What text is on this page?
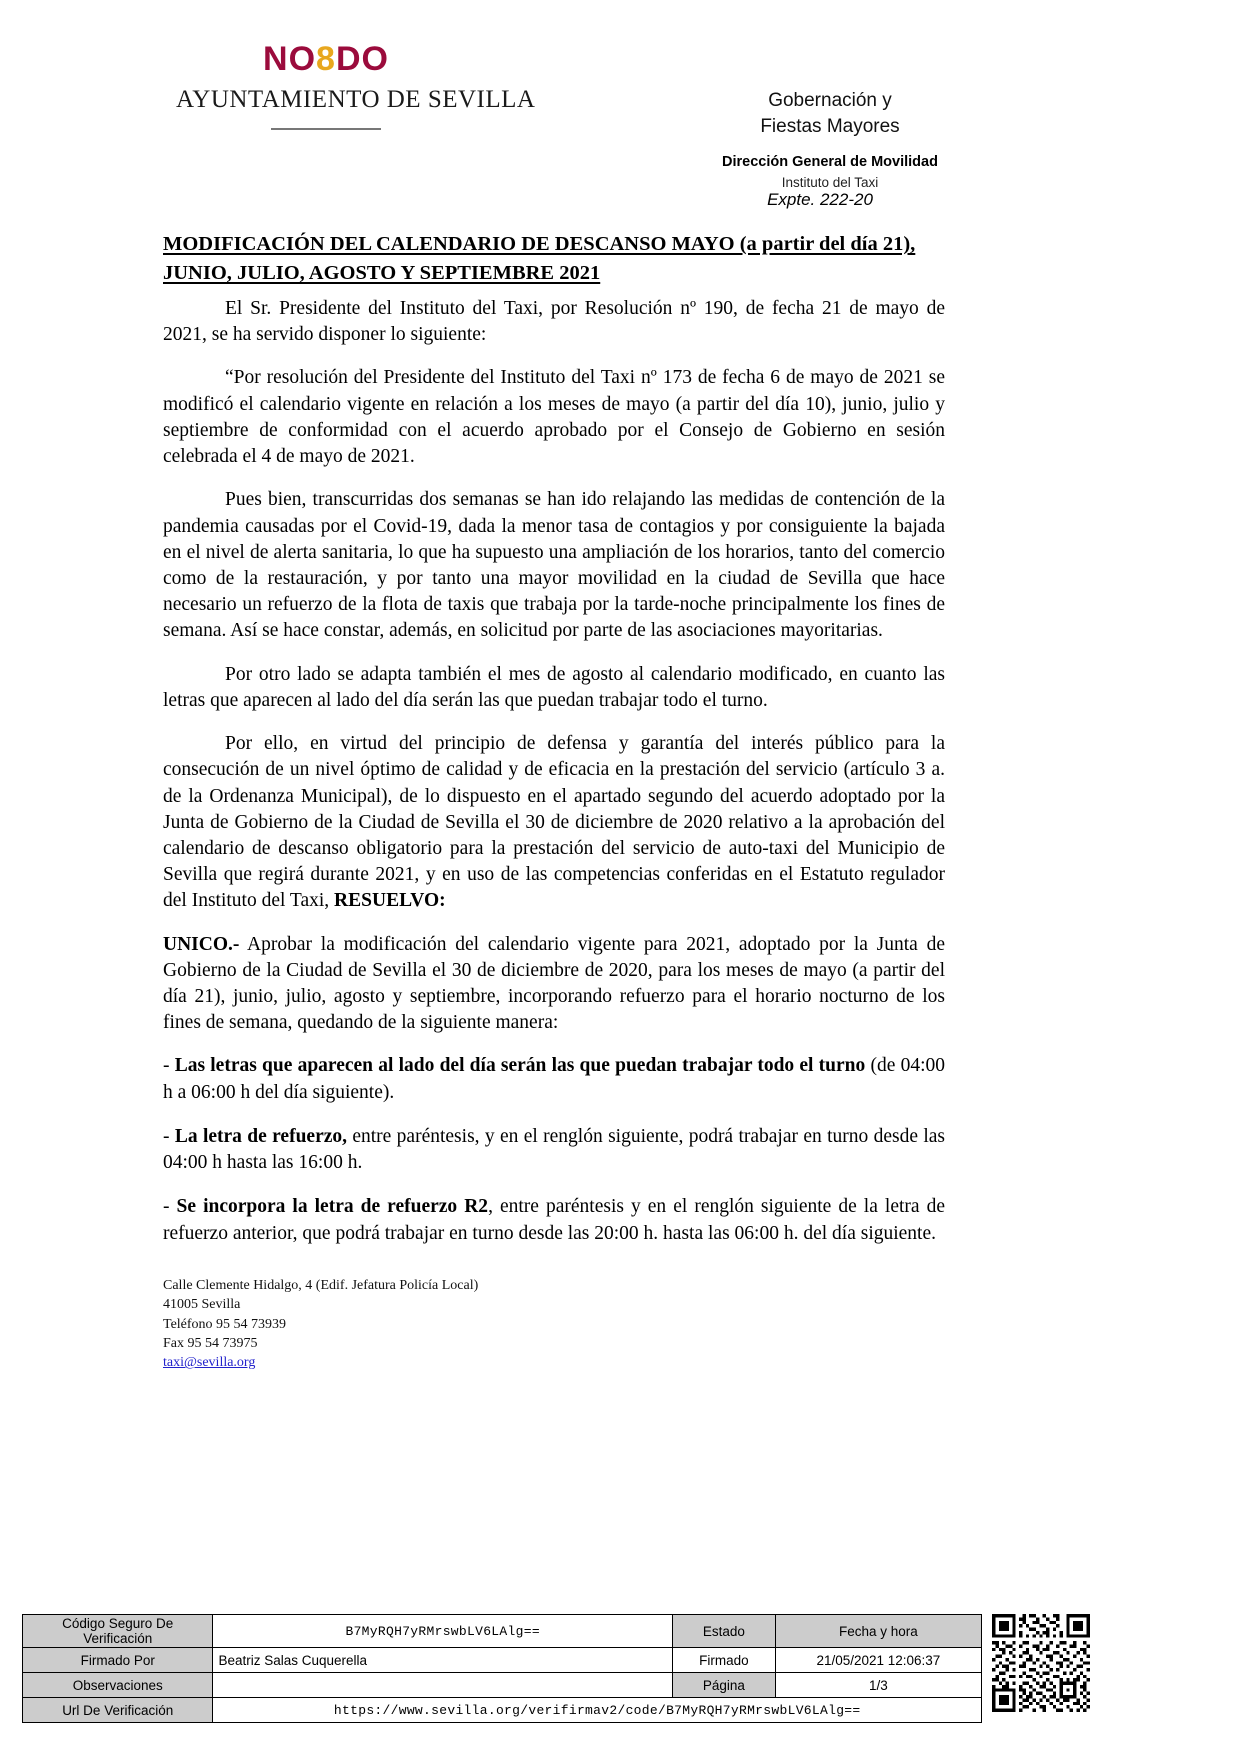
NO8DO
AYUNTAMIENTO DE SEVILLA	Gobernación y
Fiestas Mayores
Dirección General de Movilidad
Instituto del Taxi
Expte. 222-20
MODIFICACIÓN DEL CALENDARIO DE DESCANSO MAYO (a partir del día 21),
JUNIO, JULIO, AGOSTO Y SEPTIEMBRE 2021

El Sr. Presidente del Instituto del Taxi, por Resolución nº 190, de fecha 21 de mayo de 2021, se ha servido disponer lo siguiente:

“Por resolución del Presidente del Instituto del Taxi nº 173 de fecha 6 de mayo de 2021 se modificó el calendario vigente en relación a los meses de mayo (a partir del día 10), junio, julio y septiembre de conformidad con el acuerdo aprobado por el Consejo de Gobierno en sesión celebrada el 4 de mayo de 2021.

Pues bien, transcurridas dos semanas se han ido relajando las medidas de contención de la pandemia causadas por el Covid-19, dada la menor tasa de contagios y por consiguiente la bajada en el nivel de alerta sanitaria, lo que ha supuesto una ampliación de los horarios, tanto del comercio como de la restauración, y por tanto una mayor movilidad en la ciudad de Sevilla que hace necesario un refuerzo de la flota de taxis que trabaja por la tarde-noche principalmente los fines de semana. Así se hace constar, además, en solicitud por parte de las asociaciones mayoritarias.

Por otro lado se adapta también el mes de agosto al calendario modificado, en cuanto las letras que aparecen al lado del día serán las que puedan trabajar todo el turno.

Por ello, en virtud del principio de defensa y garantía del interés público para la consecución de un nivel óptimo de calidad y de eficacia en la prestación del servicio (artículo 3 a. de la Ordenanza Municipal), de lo dispuesto en el apartado segundo del acuerdo adoptado por la Junta de Gobierno de la Ciudad de Sevilla el 30 de diciembre de 2020 relativo a la aprobación del calendario de descanso obligatorio para la prestación del servicio de auto-taxi del Municipio de Sevilla que regirá durante 2021, y en uso de las competencias conferidas en el Estatuto regulador del Instituto del Taxi, RESUELVO:

UNICO.- Aprobar la modificación del calendario vigente para 2021, adoptado por la Junta de Gobierno de la Ciudad de Sevilla el 30 de diciembre de 2020, para los meses de mayo (a partir del día 21), junio, julio, agosto y septiembre, incorporando refuerzo para el horario nocturno de los fines de semana, quedando de la siguiente manera:

- Las letras que aparecen al lado del día serán las que puedan trabajar todo el turno (de 04:00 h a 06:00 h del día siguiente).

- La letra de refuerzo, entre paréntesis, y en el renglón siguiente, podrá trabajar en turno desde las 04:00 h hasta las 16:00 h.

- Se incorpora la letra de refuerzo R2, entre paréntesis y en el renglón siguiente de la letra de refuerzo anterior, que podrá trabajar en turno desde las 20:00 h. hasta las 06:00 h. del día siguiente.

Calle Clemente Hidalgo, 4 (Edif. Jefatura Policía Local)
41005 Sevilla
Teléfono 95 54 73939
Fax 95 54 73975
taxi@sevilla.org
Código Seguro De Verificación	B7MyRQH7yRMrswbLV6LAlg==	Estado	Fecha y hora
Firmado Por	Beatriz Salas Cuquerella	Firmado	21/05/2021 12:06:37
Observaciones		Página	1/3
Url De Verificación	https://www.sevilla.org/verifirmav2/code/B7MyRQH7yRMrswbLV6LAlg==		
